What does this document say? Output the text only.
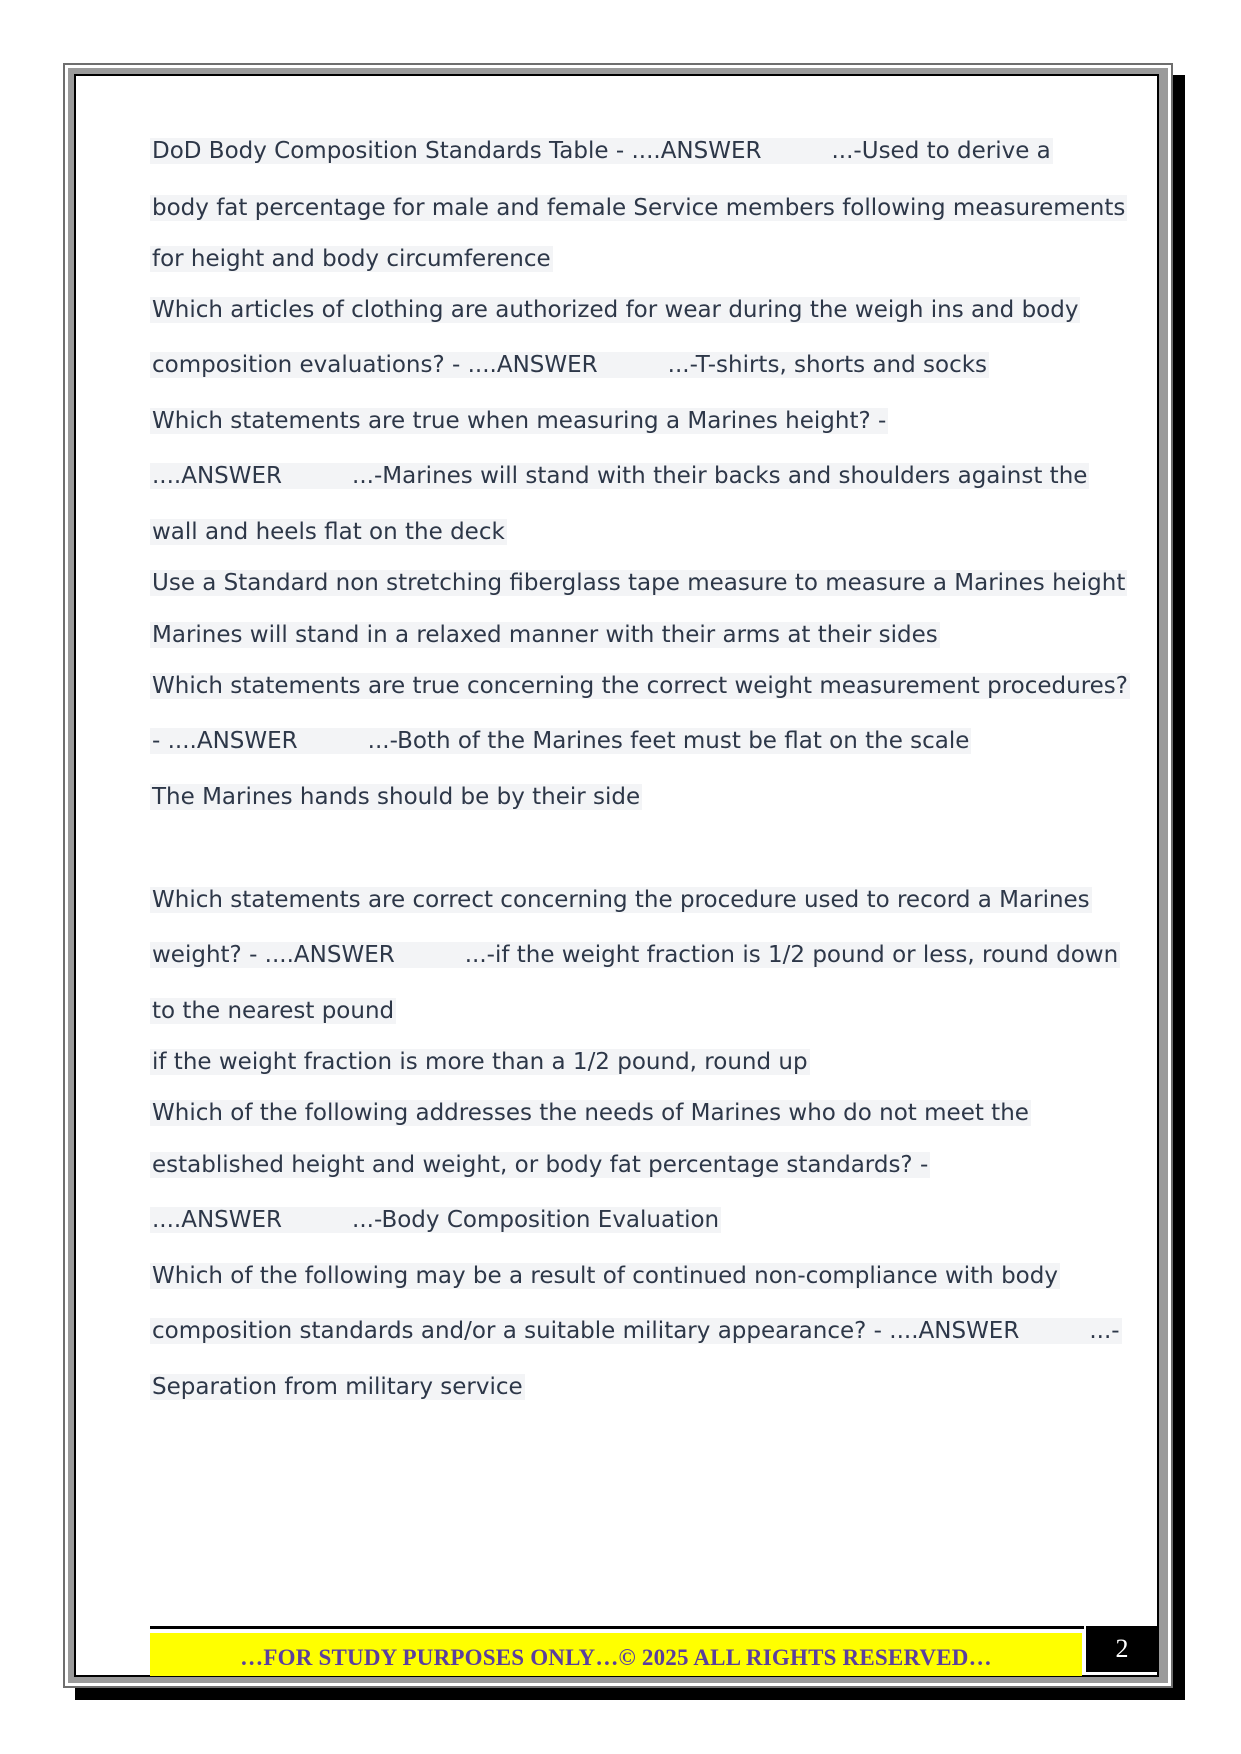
DoD Body Composition Standards Table - ....ANSWER	...-Used to derive a
body fat percentage for male and female Service members following measurements
for height and body circumference
Which articles of clothing are authorized for wear during the weigh ins and body
composition evaluations? - ....ANSWER	...-T-shirts, shorts and socks
Which statements are true when measuring a Marines height? -
....ANSWER	...-Marines will stand with their backs and shoulders against the
wall and heels flat on the deck
Use a Standard non stretching fiberglass tape measure to measure a Marines height
Marines will stand in a relaxed manner with their arms at their sides
Which statements are true concerning the correct weight measurement procedures?
- ....ANSWER	...-Both of the Marines feet must be flat on the scale
The Marines hands should be by their side
Which statements are correct concerning the procedure used to record a Marines
weight? - ....ANSWER	...-if the weight fraction is 1/2 pound or less, round down
to the nearest pound
if the weight fraction is more than a 1/2 pound, round up
Which of the following addresses the needs of Marines who do not meet the
established height and weight, or body fat percentage standards? -
....ANSWER	...-Body Composition Evaluation
Which of the following may be a result of continued non-compliance with body
composition standards and/or a suitable military appearance? - ....ANSWER	...-
Separation from military service
…FOR STUDY PURPOSES ONLY…© 2025 ALL RIGHTS RESERVED…	2
